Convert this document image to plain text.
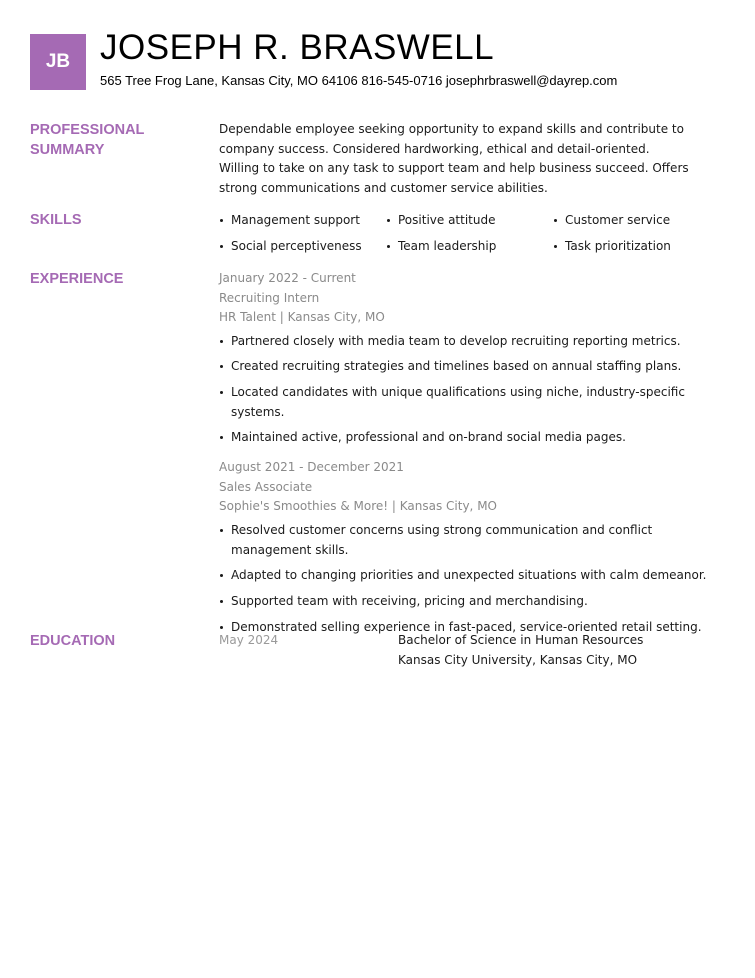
JB JOSEPH R. BRASWELL
565 Tree Frog Lane, Kansas City, MO 64106 816-545-0716 josephrbraswell@dayrep.com
PROFESSIONAL
SUMMARY

Dependable employee seeking opportunity to expand skills and contribute to company success. Considered hardworking, ethical and detail-oriented.

Willing to take on any task to support team and help business succeed. Offers strong communications and customer service abilities.

SKILLS	Management support	Positive attitude	Customer service
Social perceptiveness	Team leadership	Task prioritization
EXPERIENCE	January 2022 - Current
Recruiting Intern
HR Talent | Kansas City, MO
Partnered closely with media team to develop recruiting reporting metrics.
Created recruiting strategies and timelines based on annual staffing plans.
Located candidates with unique qualifications using niche, industry-specific systems.
Maintained active, professional and on-brand social media pages.
August 2021 - December 2021
Sales Associate
Sophie's Smoothies & More! | Kansas City, MO
Resolved customer concerns using strong communication and conflict management skills.
Adapted to changing priorities and unexpected situations with calm demeanor.
Supported team with receiving, pricing and merchandising.
Demonstrated selling experience in fast-paced, service-oriented retail setting.
EDUCATION	May 2024	Bachelor of Science in Human Resources
Kansas City University, Kansas City, MO
